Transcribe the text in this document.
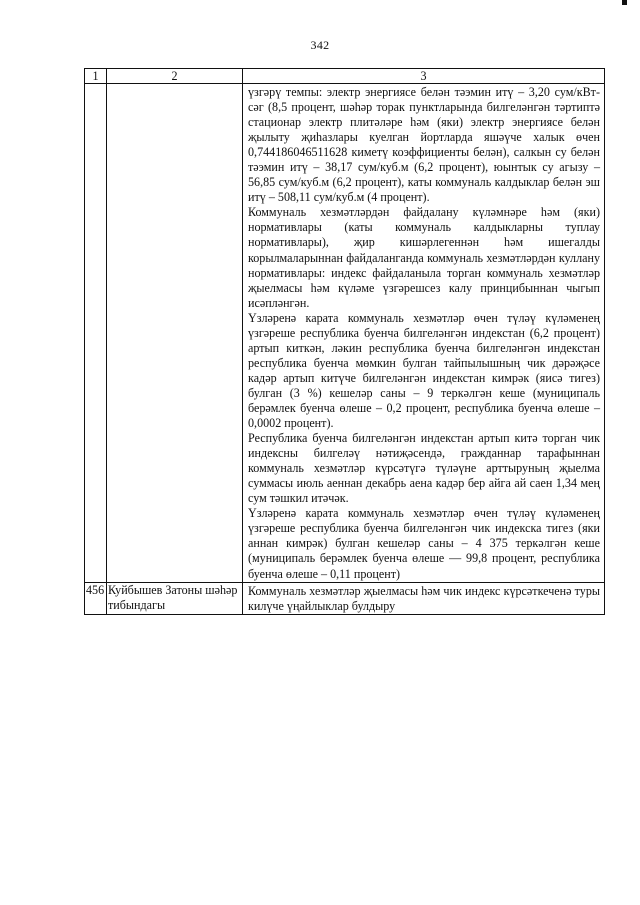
342
1	2	3

		үзгәрү темпы: электр энергиясе белән тәэмин итү – 3,20 сум/кВт-сәг (8,5 процент, шәһәр торак пунктларында билгеләнгән тәртиптә стационар электр плитәләре һәм (яки) электр энергиясе белән җылыту җиһазлары куелган йортларда яшәүче халык өчен 0,744186046511628 киметү коэффициенты белән), салкын су белән тәэмин итү – 38,17 сум/куб.м (6,2 процент), юынтык су агызу – 56,85 сум/куб.м (6,2 процент), каты коммуналь калдыклар белән эш итү – 508,11 сум/куб.м (4 процент).

Коммуналь хезмәтләрдән файдалану күләмнәре һәм (яки) нормативлары (каты коммуналь калдыкларны туплау нормативлары), җир кишәрлегеннән һәм ишегалды корылмаларыннан файдаланганда коммуналь хезмәтләрдән куллану нормативлары: индекс файдаланыла торган коммуналь хезмәтләр җыелмасы һәм күләме үзгәрешсез калу принцибыннан чыгып исәпләнгән.

Үзләренә карата коммуналь хезмәтләр өчен түләү күләменең үзгәреше республика буенча билгеләнгән индекстан (6,2 процент) артып киткән, ләкин республика буенча билгеләнгән индекстан республика буенча мөмкин булган тайпылышның чик дәрәҗәсе кадәр артып китүче билгеләнгән индекстан кимрәк (яисә тигез) булган (3 %) кешеләр саны – 9 теркәлгән кеше (муниципаль берәмлек буенча өлеше – 0,2 процент, республика буенча өлеше – 0,0002 процент).

Республика буенча билгеләнгән индекстан артып китә торган чик индексны билгеләү нәтиҗәсендә, гражданнар тарафыннан коммуналь хезмәтләр күрсәтүгә түләүне арттыруның җыелма суммасы июль аеннан декабрь аена кадәр бер айга ай саен 1,34 мең сум тәшкил итәчәк.

Үзләренә карата коммуналь хезмәтләр өчен түләү күләменең үзгәреше республика буенча билгеләнгән чик индекска тигез (яки аннан кимрәк) булган кешеләр саны – 4 375 теркәлгән кеше (муниципаль берәмлек буенча өлеше — 99,8 процент, республика буенча өлеше – 0,11 процент)

456	Куйбышев Затоны шәһәр тибындагы	Коммуналь хезмәтләр җыелмасы һәм чик индекс күрсәткеченә туры килүче үңайлыклар булдыру
